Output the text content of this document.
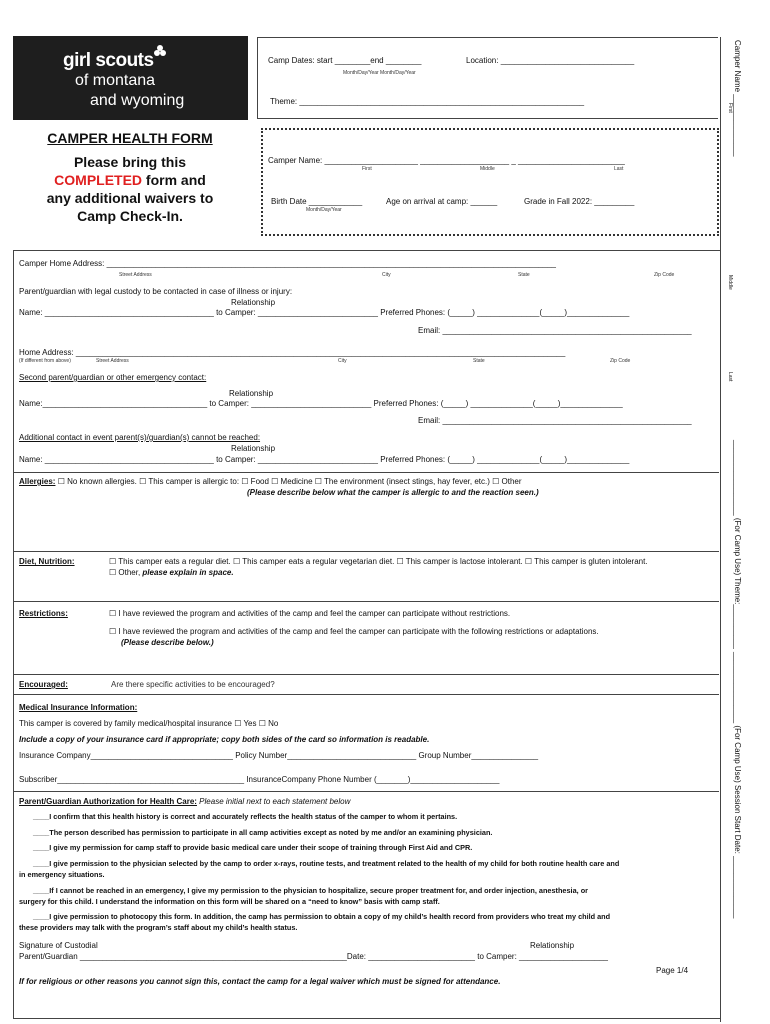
girl scouts
of montana
and wyoming
CAMPER HEALTH FORM
Please bring this
COMPLETED form and
any additional waivers to
Camp Check-In.
Camp Dates: start ________end ________
Month/Day/Year Month/Day/Year
Location: ______________________________
Theme: ________________________________________________________________
Camper Name: _____________________ ____________________ _ ________________________
First	Middle	Last
Birth Date ____________
Month/Day/Year
Age on arrival at camp: ______	Grade in Fall 2022: _________
Camper Name ______________
First
Middle
Last
_________________ (For Camp Use) Theme:__________
________________ (For Camp Use) Session Start Date: ______________
Camper Home Address: _____________________________________________________________________________________________________
Street Address	City	State	Zip Code
Parent/guardian with legal custody to be contacted in case of illness or injury:
Relationship
Name: ______________________________________ to Camper: ___________________________ Preferred Phones: (_____) ______________(_____)______________
Email: ________________________________________________________
Home Address: ______________________________________________________________________________________________________________
(If different from above)	Street Address	City	State	Zip Code
Second parent/guardian or other emergency contact:
Relationship
Name:_____________________________________ to Camper: ___________________________ Preferred Phones: (_____) ______________(_____)______________
Email: ________________________________________________________
Additional contact in event parent(s)/guardian(s) cannot be reached:
Relationship
Name: ______________________________________ to Camper: ___________________________ Preferred Phones: (_____) ______________(_____)______________
Allergies: ☐ No known allergies. ☐ This camper is allergic to: ☐ Food ☐ Medicine ☐ The environment (insect stings, hay fever, etc.) ☐ Other
(Please describe below what the camper is allergic to and the reaction seen.)
Diet, Nutrition:	☐ This camper eats a regular diet. ☐ This camper eats a regular vegetarian diet. ☐ This camper is lactose intolerant. ☐ This camper is gluten intolerant.
☐ Other, please explain in space.
Restrictions:	☐ I have reviewed the program and activities of the camp and feel the camper can participate without restrictions.
☐ I have reviewed the program and activities of the camp and feel the camper can participate with the following restrictions or adaptations.
(Please describe below.)
Encouraged:	Are there specific activities to be encouraged?
Medical Insurance Information:
This camper is covered by family medical/hospital insurance ☐ Yes ☐ No
Include a copy of your insurance card if appropriate; copy both sides of the card so information is readable.
Insurance Company________________________________ Policy Number_____________________________ Group Number_______________
Subscriber__________________________________________ InsuranceCompany Phone Number (_______)____________________
Parent/Guardian Authorization for Health Care: Please initial next to each statement below
____I confirm that this health history is correct and accurately reflects the health status of the camper to whom it pertains.
____The person described has permission to participate in all camp activities except as noted by me and/or an examining physician.
____I give my permission for camp staff to provide basic medical care under their scope of training through First Aid and CPR.
____I give permission to the physician selected by the camp to order x-rays, routine tests, and treatment related to the health of my child for both routine health care and
in emergency situations.
____If I cannot be reached in an emergency, I give my permission to the physician to hospitalize, secure proper treatment for, and order injection, anesthesia, or
surgery for this child. I understand the information on this form will be shared on a “need to know” basis with camp staff.
____I give permission to photocopy this form. In addition, the camp has permission to obtain a copy of my child’s health record from providers who treat my child and
these providers may talk with the program’s staff about my child’s health status.
Signature of Custodial	Relationship
Parent/Guardian ____________________________________________________________Date: ________________________ to Camper: ____________________
Page 1/4
If for religious or other reasons you cannot sign this, contact the camp for a legal waiver which must be signed for attendance.
